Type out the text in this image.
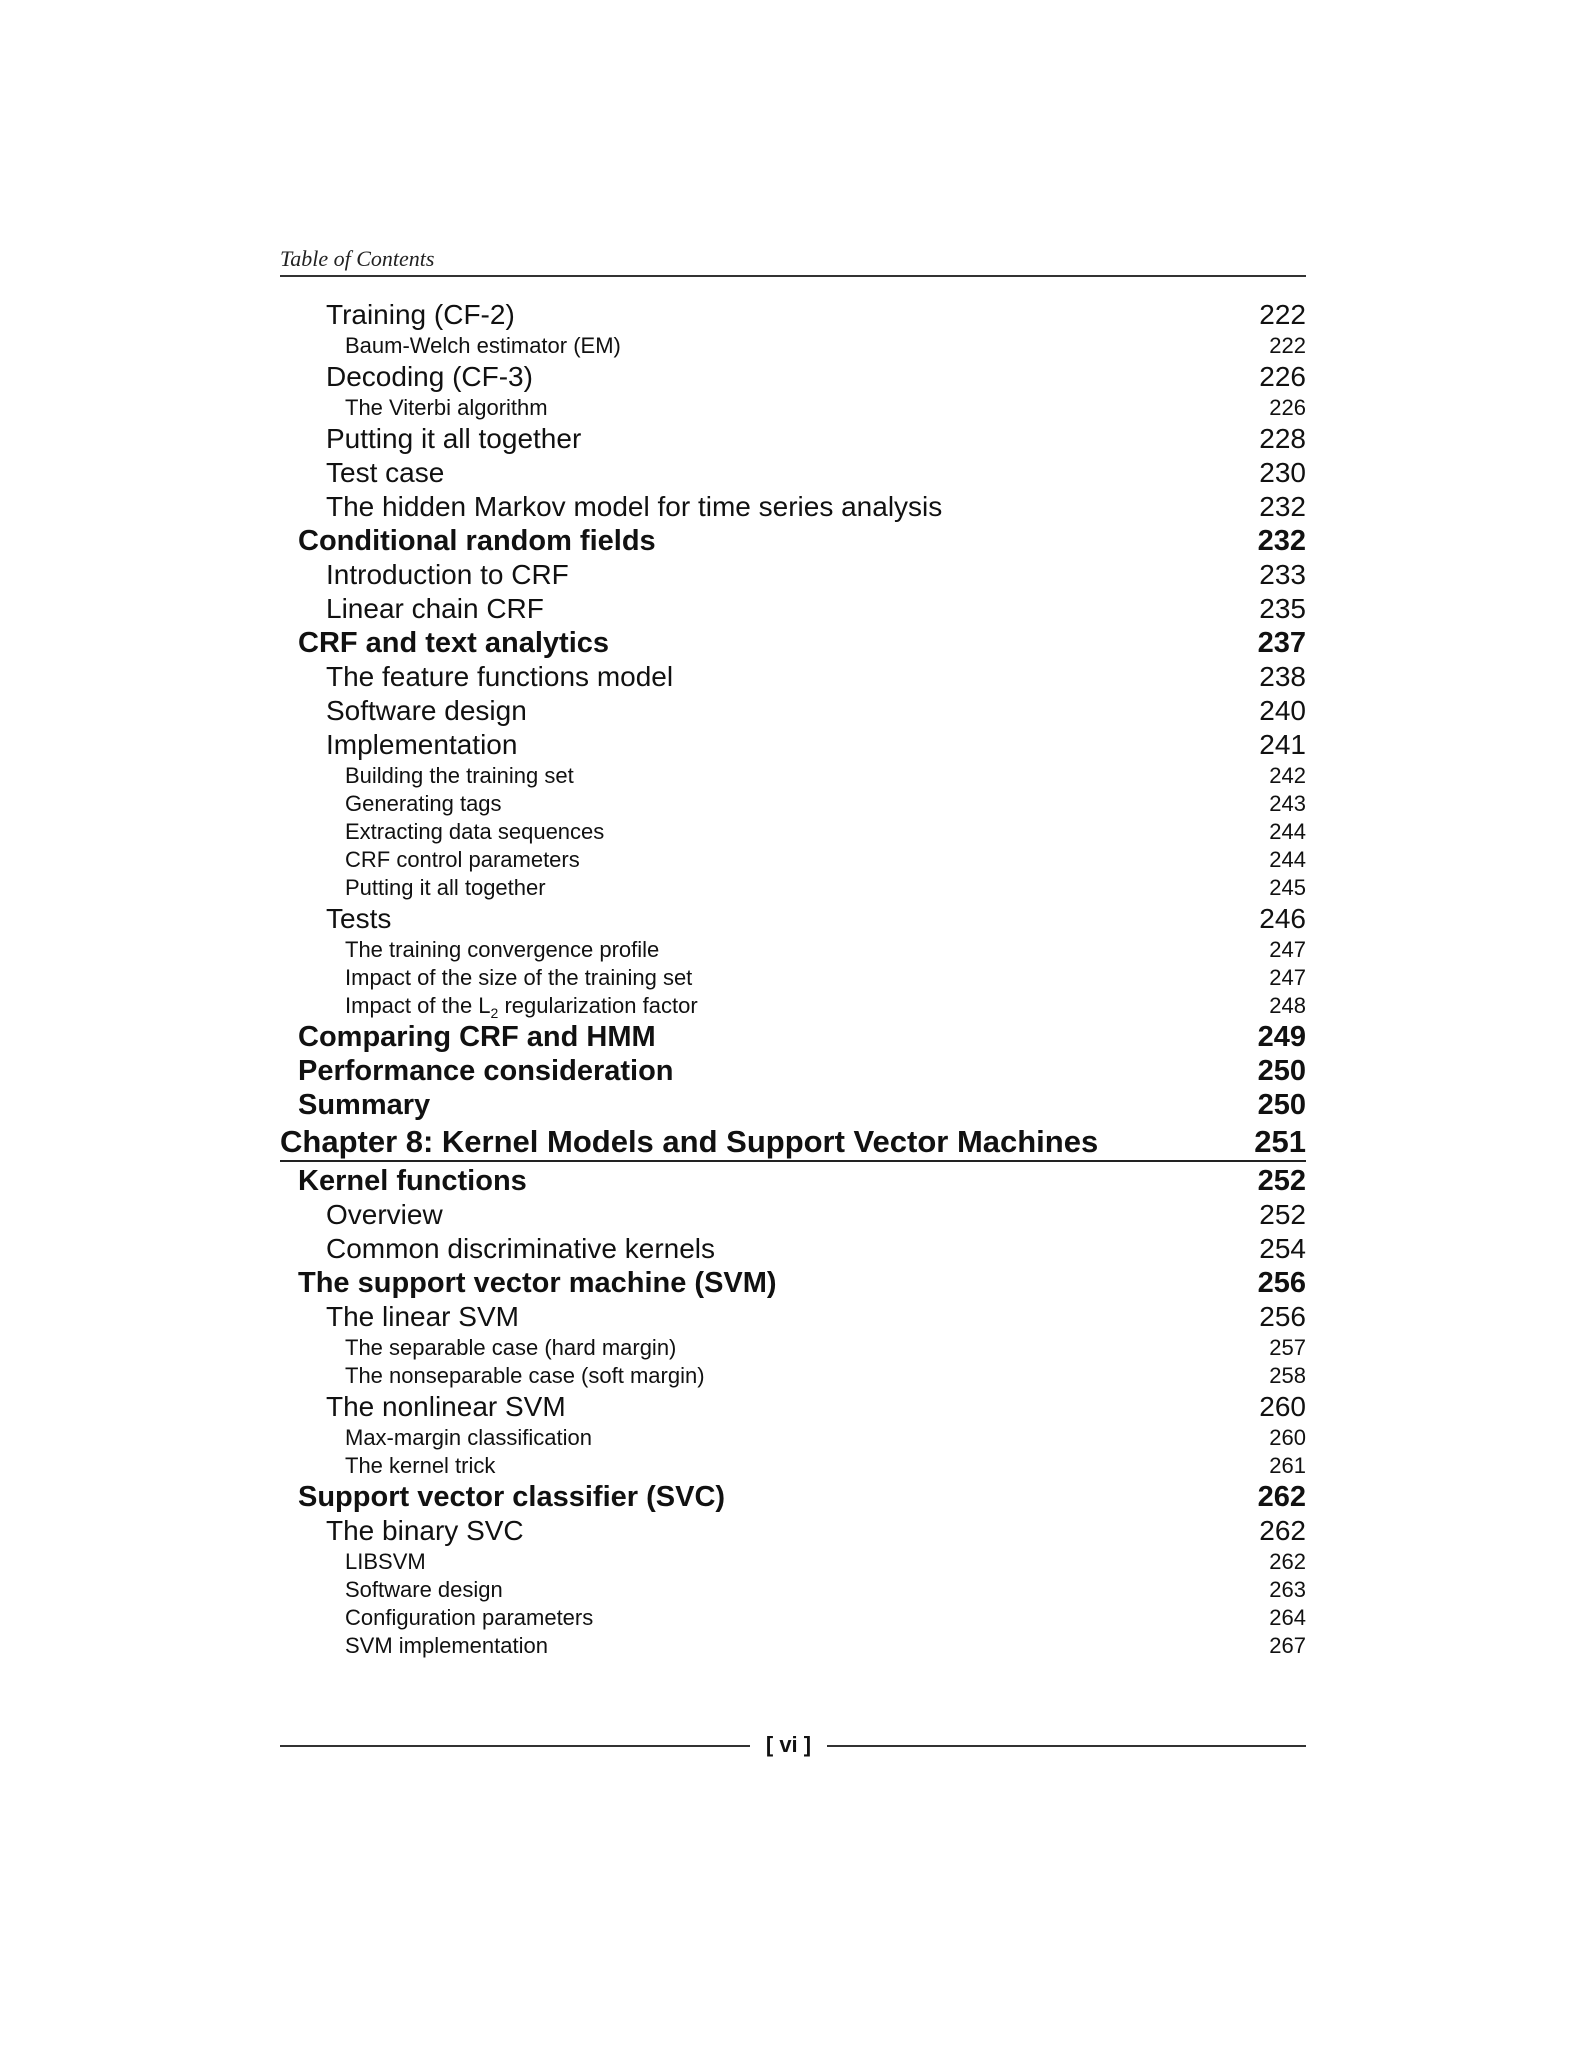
Table of Contents
Training (CF-2)	222
Baum-Welch estimator (EM)	222
Decoding (CF-3)	226
The Viterbi algorithm	226
Putting it all together	228
Test case	230
The hidden Markov model for time series analysis	232
Conditional random fields	232
Introduction to CRF	233
Linear chain CRF	235
CRF and text analytics	237
The feature functions model	238
Software design	240
Implementation	241
Building the training set	242
Generating tags	243
Extracting data sequences	244
CRF control parameters	244
Putting it all together	245
Tests	246
The training convergence profile	247
Impact of the size of the training set	247
Impact of the $L_2$ regularization factor	248
Comparing CRF and HMM	249
Performance consideration	250
Summary	250
Chapter 8: Kernel Models and Support Vector Machines	251
Kernel functions	252
Overview	252
Common discriminative kernels	254
The support vector machine (SVM)	256
The linear SVM	256
The separable case (hard margin)	257
The nonseparable case (soft margin)	258
The nonlinear SVM	260
Max-margin classification	260
The kernel trick	261
Support vector classifier (SVC)	262
The binary SVC	262
LIBSVM	262
Software design	263
Configuration parameters	264
SVM implementation	267
[ vi ]
